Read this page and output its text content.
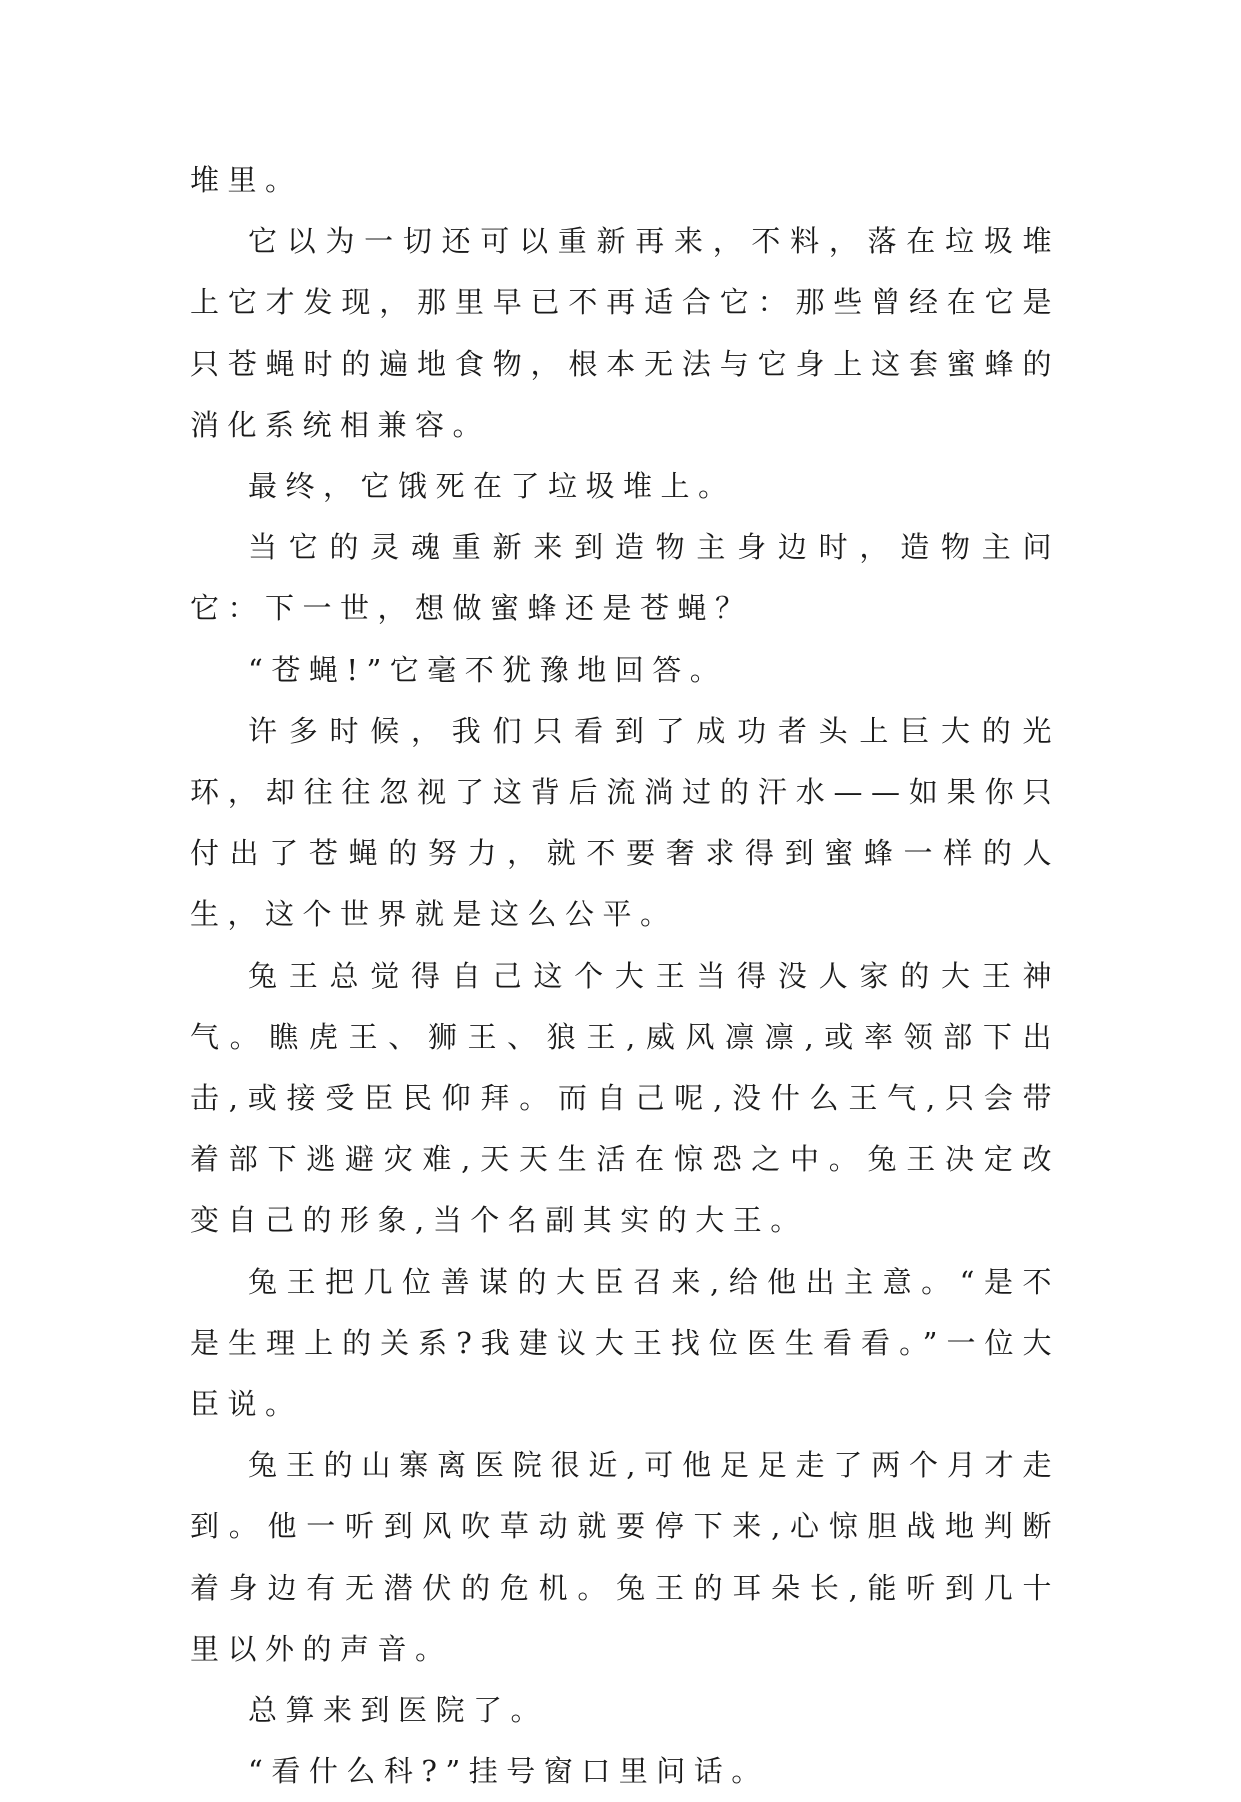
堆里。

它以为一切还可以重新再来，不料，落在垃圾堆上它才发现，那里早已不再适合它：那些曾经在它是只苍蝇时的遍地食物，根本无法与它身上这套蜜蜂的消化系统相兼容。

最终，它饿死在了垃圾堆上。

当它的灵魂重新来到造物主身边时，造物主问它：下一世，想做蜜蜂还是苍蝇？

“苍蝇!”它毫不犹豫地回答。

许多时候，我们只看到了成功者头上巨大的光环，却往往忽视了这背后流淌过的汗水——如果你只付出了苍蝇的努力，就不要奢求得到蜜蜂一样的人生，这个世界就是这么公平。

兔王总觉得自己这个大王当得没人家的大王神气。瞧虎王、狮王、狼王,威风凛凛,或率领部下出击,或接受臣民仰拜。而自己呢,没什么王气,只会带着部下逃避灾难,天天生活在惊恐之中。兔王决定改变自己的形象,当个名副其实的大王。

兔王把几位善谋的大臣召来,给他出主意。“是不是生理上的关系?我建议大王找位医生看看。”一位大臣说。

兔王的山寨离医院很近,可他足足走了两个月才走到。他一听到风吹草动就要停下来,心惊胆战地判断着身边有无潜伏的危机。兔王的耳朵长,能听到几十里以外的声音。

总算来到医院了。

“看什么科?”挂号窗口里问话。
